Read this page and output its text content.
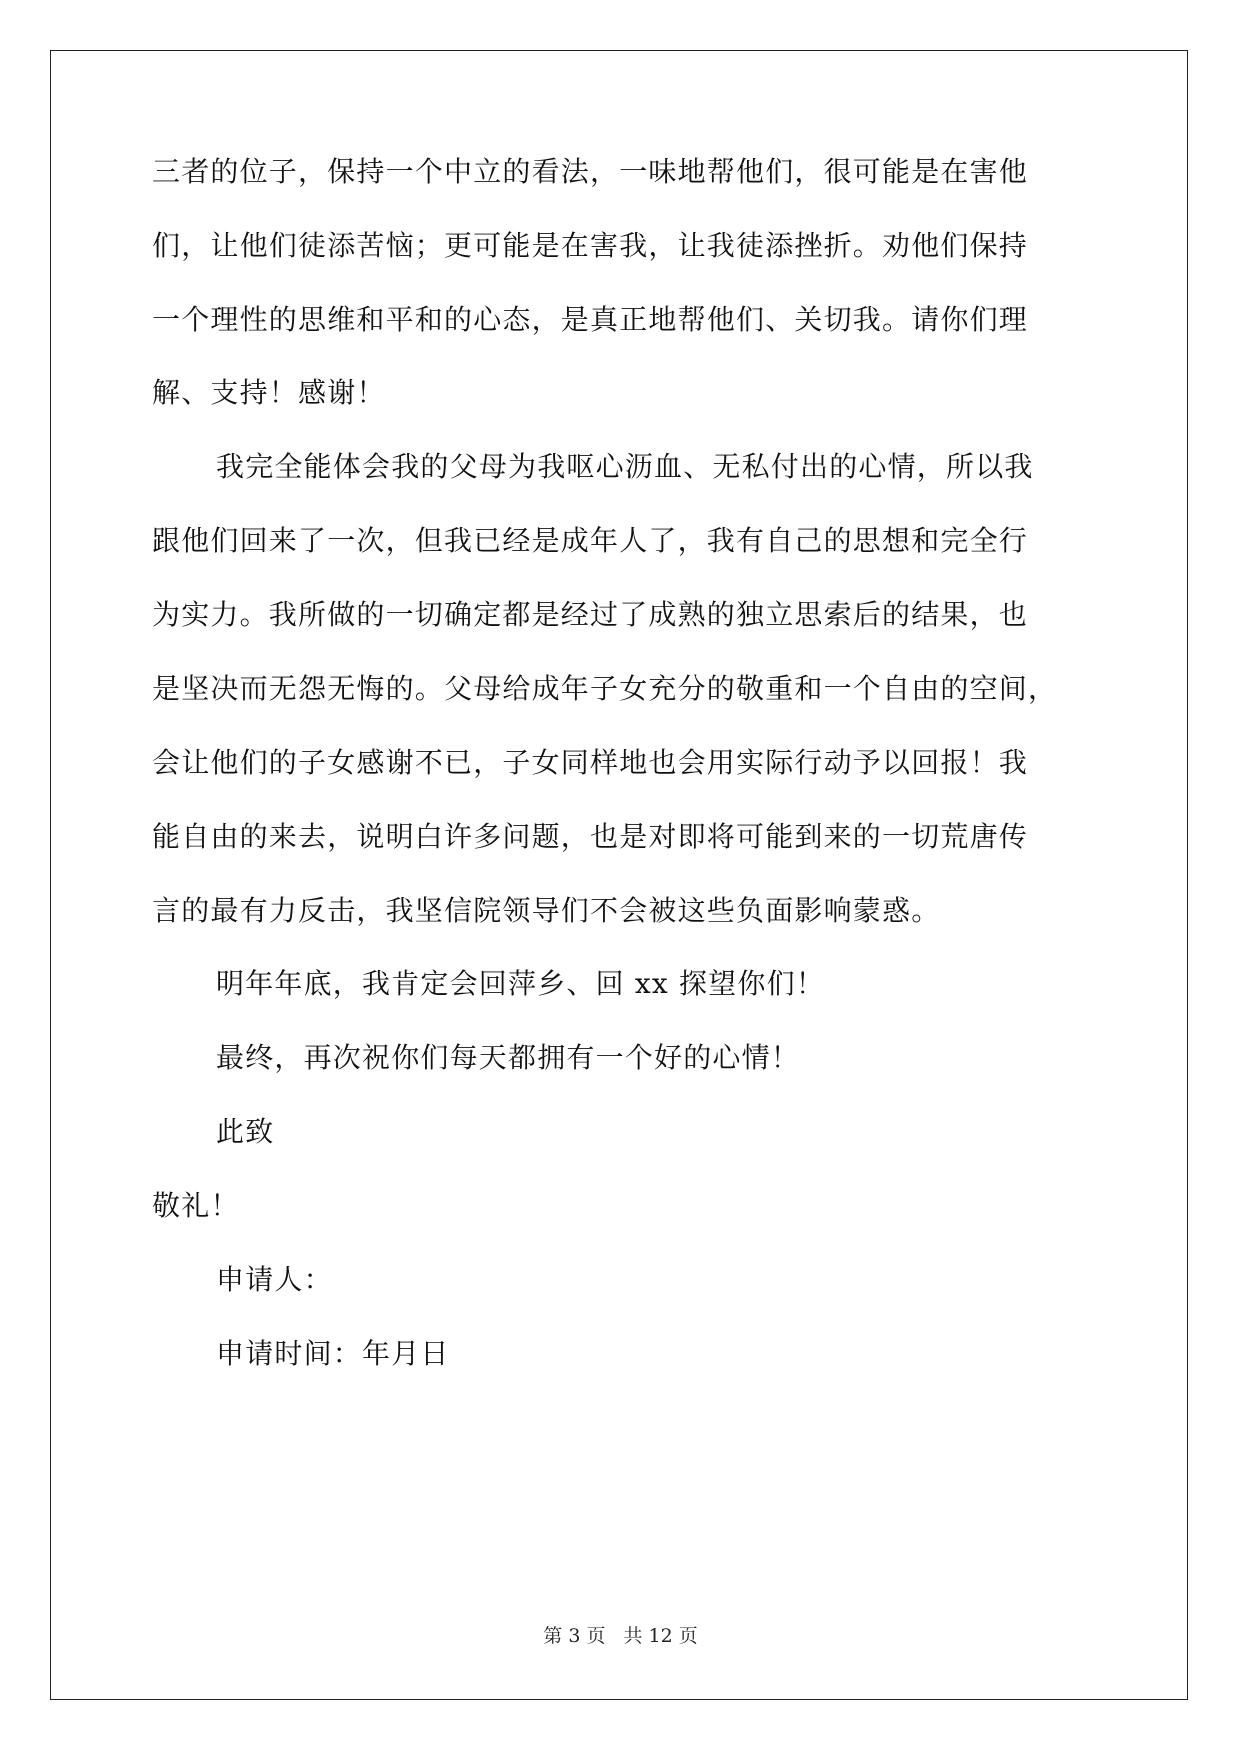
三者的位子，保持一个中立的看法，一味地帮他们，很可能是在害他
们，让他们徒添苦恼；更可能是在害我，让我徒添挫折。劝他们保持
一个理性的思维和平和的心态，是真正地帮他们、关切我。请你们理
解、支持！感谢！
我完全能体会我的父母为我呕心沥血、无私付出的心情，所以我
跟他们回来了一次，但我已经是成年人了，我有自己的思想和完全行
为实力。我所做的一切确定都是经过了成熟的独立思索后的结果，也
是坚决而无怨无悔的。父母给成年子女充分的敬重和一个自由的空间，
会让他们的子女感谢不已，子女同样地也会用实际行动予以回报！我
能自由的来去，说明白许多问题，也是对即将可能到来的一切荒唐传
言的最有力反击，我坚信院领导们不会被这些负面影响蒙惑。
明年年底，我肯定会回萍乡、回 xx 探望你们！
最终，再次祝你们每天都拥有一个好的心情！
此致
敬礼！
申请人：
申请时间：年月日
第 3 页 共 12 页
